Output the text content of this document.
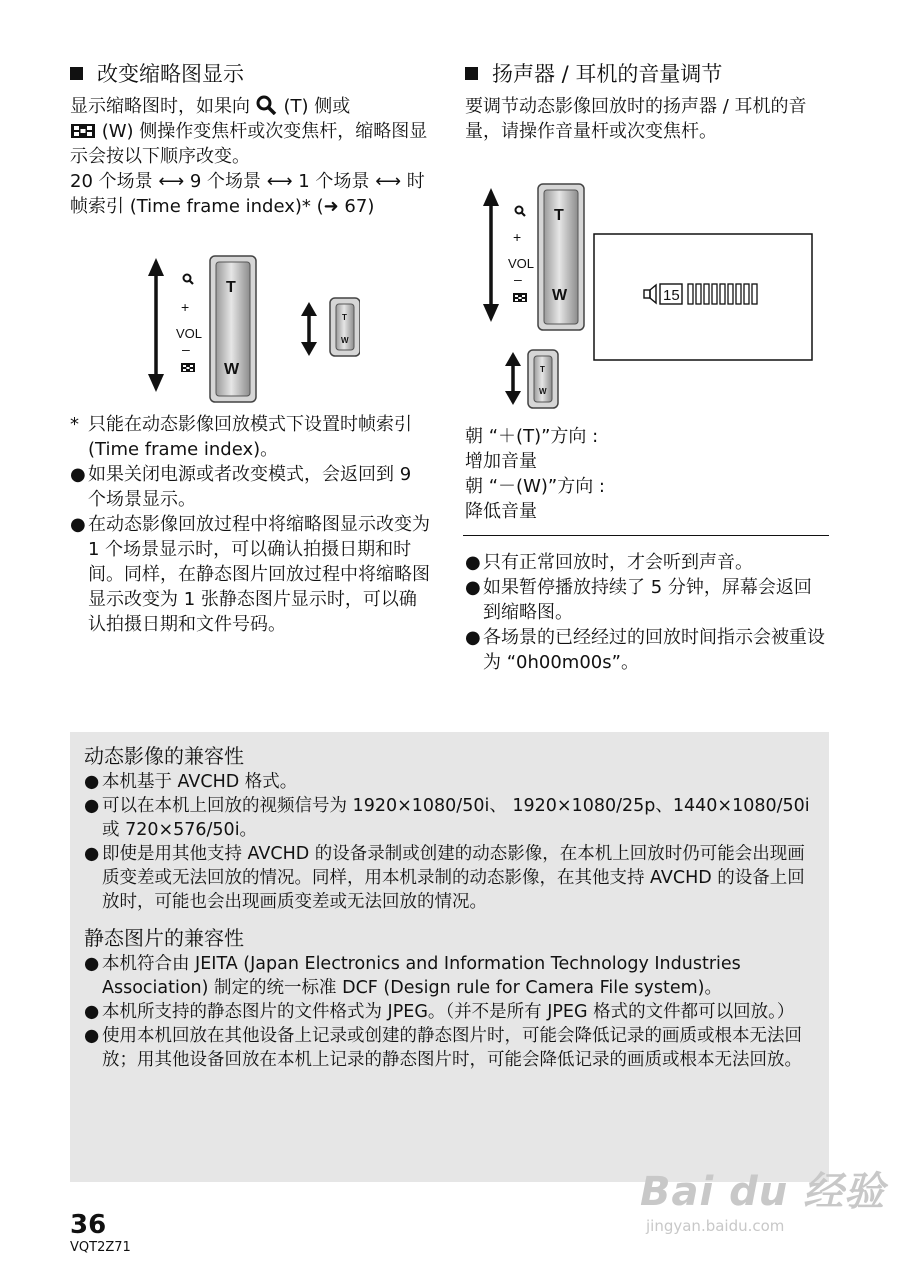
改变缩略图显示

显示缩略图时，如果向 (T) 侧或

(W) 侧操作变焦杆或次变焦杆，缩略图显示会按以下顺序改变。

20 个场景 ⟷ 9 个场景 ⟷ 1 个场景 ⟷ 时帧索引 (Time frame index)* (➜ 67)

+
VOL
–
T
W
T
W
* 只能在动态影像回放模式下设置时帧索引 (Time frame index)。
● 如果关闭电源或者改变模式，会返回到 9 个场景显示。
● 在动态影像回放过程中将缩略图显示改变为 1 个场景显示时，可以确认拍摄日期和时间。同样，在静态图片回放过程中将缩略图显示改变为 1 张静态图片显示时，可以确认拍摄日期和文件号码。
扬声器 / 耳机的音量调节

要调节动态影像回放时的扬声器 / 耳机的音量，请操作音量杆或次变焦杆。

+
VOL
–
T
W	15
T
W

朝 “＋(T)”方向 :

增加音量

朝 “－(W)”方向 :

降低音量

● 只有正常回放时，才会听到声音。
● 如果暂停播放持续了 5 分钟，屏幕会返回到缩略图。
● 各场景的已经经过的回放时间指示会被重设为 “0h00m00s”。
动态影像的兼容性
● 本机基于 AVCHD 格式。
● 可以在本机上回放的视频信号为 1920×1080/50i、 1920×1080/25p、1440×1080/50i 或 720×576/50i。
● 即使是用其他支持 AVCHD 的设备录制或创建的动态影像，在本机上回放时仍可能会出现画质变差或无法回放的情况。同样，用本机录制的动态影像，在其他支持 AVCHD 的设备上回放时，可能也会出现画质变差或无法回放的情况。
静态图片的兼容性
● 本机符合由 JEITA (Japan Electronics and Information Technology Industries Association) 制定的统一标准 DCF (Design rule for Camera File system)。
● 本机所支持的静态图片的文件格式为 JPEG。（并不是所有 JPEG 格式的文件都可以回放。）
● 使用本机回放在其他设备上记录或创建的静态图片时，可能会降低记录的画质或根本无法回放；用其他设备回放在本机上记录的静态图片时，可能会降低记录的画质或根本无法回放。
36
VQT2Z71
Bai du 经验
jingyan.baidu.com
